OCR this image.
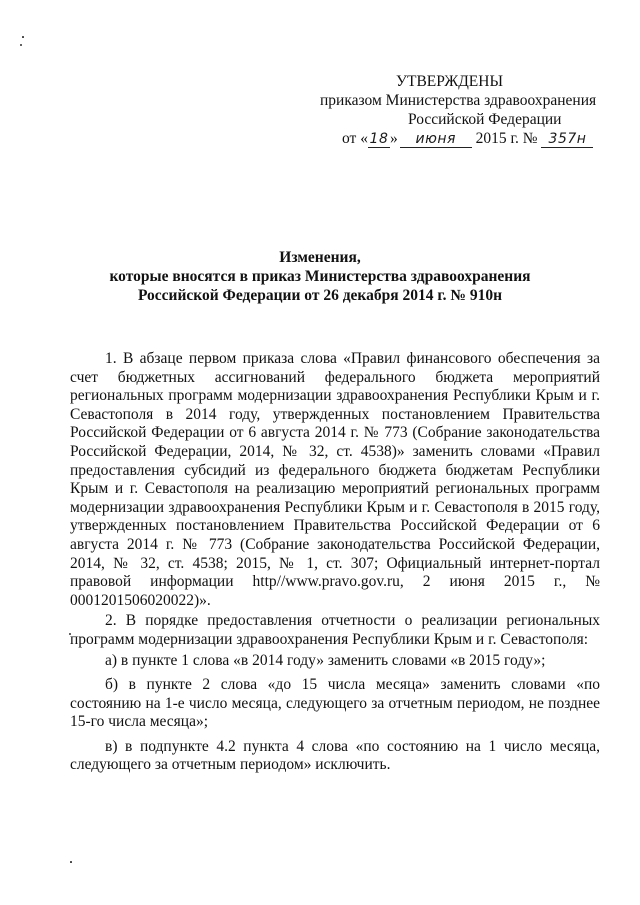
УТВЕРЖДЕНЫ
приказом Министерства здравоохранения
Российской Федерации
от « 18 » июня 2015 г. № 357н
Изменения,
которые вносятся в приказ Министерства здравоохранения
Российской Федерации от 26 декабря 2014 г. № 910н

1. В абзаце первом приказа слова «Правил финансового обеспечения за счет бюджетных ассигнований федерального бюджета мероприятий региональных программ модернизации здравоохранения Республики Крым и г. Севастополя в 2014 году, утвержденных постановлением Правительства Российской Федерации от 6 августа 2014 г. № 773 (Собрание законодательства Российской Федерации, 2014, № 32, ст. 4538)» заменить словами «Правил предоставления субсидий из федерального бюджета бюджетам Республики Крым и г. Севастополя на реализацию мероприятий региональных программ модернизации здравоохранения Республики Крым и г. Севастополя в 2015 году, утвержденных постановлением Правительства Российской Федерации от 6 августа 2014 г. № 773 (Собрание законодательства Российской Федерации, 2014, № 32, ст. 4538; 2015, № 1, ст. 307; Официальный интернет-портал правовой информации http//www.pravo.gov.ru, 2 июня 2015 г., № 0001201506020022)».

2. В порядке предоставления отчетности о реализации региональных программ модернизации здравоохранения Республики Крым и г. Севастополя:

а) в пункте 1 слова «в 2014 году» заменить словами «в 2015 году»;

б) в пункте 2 слова «до 15 числа месяца» заменить словами «по состоянию на 1-е число месяца, следующего за отчетным периодом, не позднее 15-го числа месяца»;

в) в подпункте 4.2 пункта 4 слова «по состоянию на 1 число месяца, следующего за отчетным периодом» исключить.
